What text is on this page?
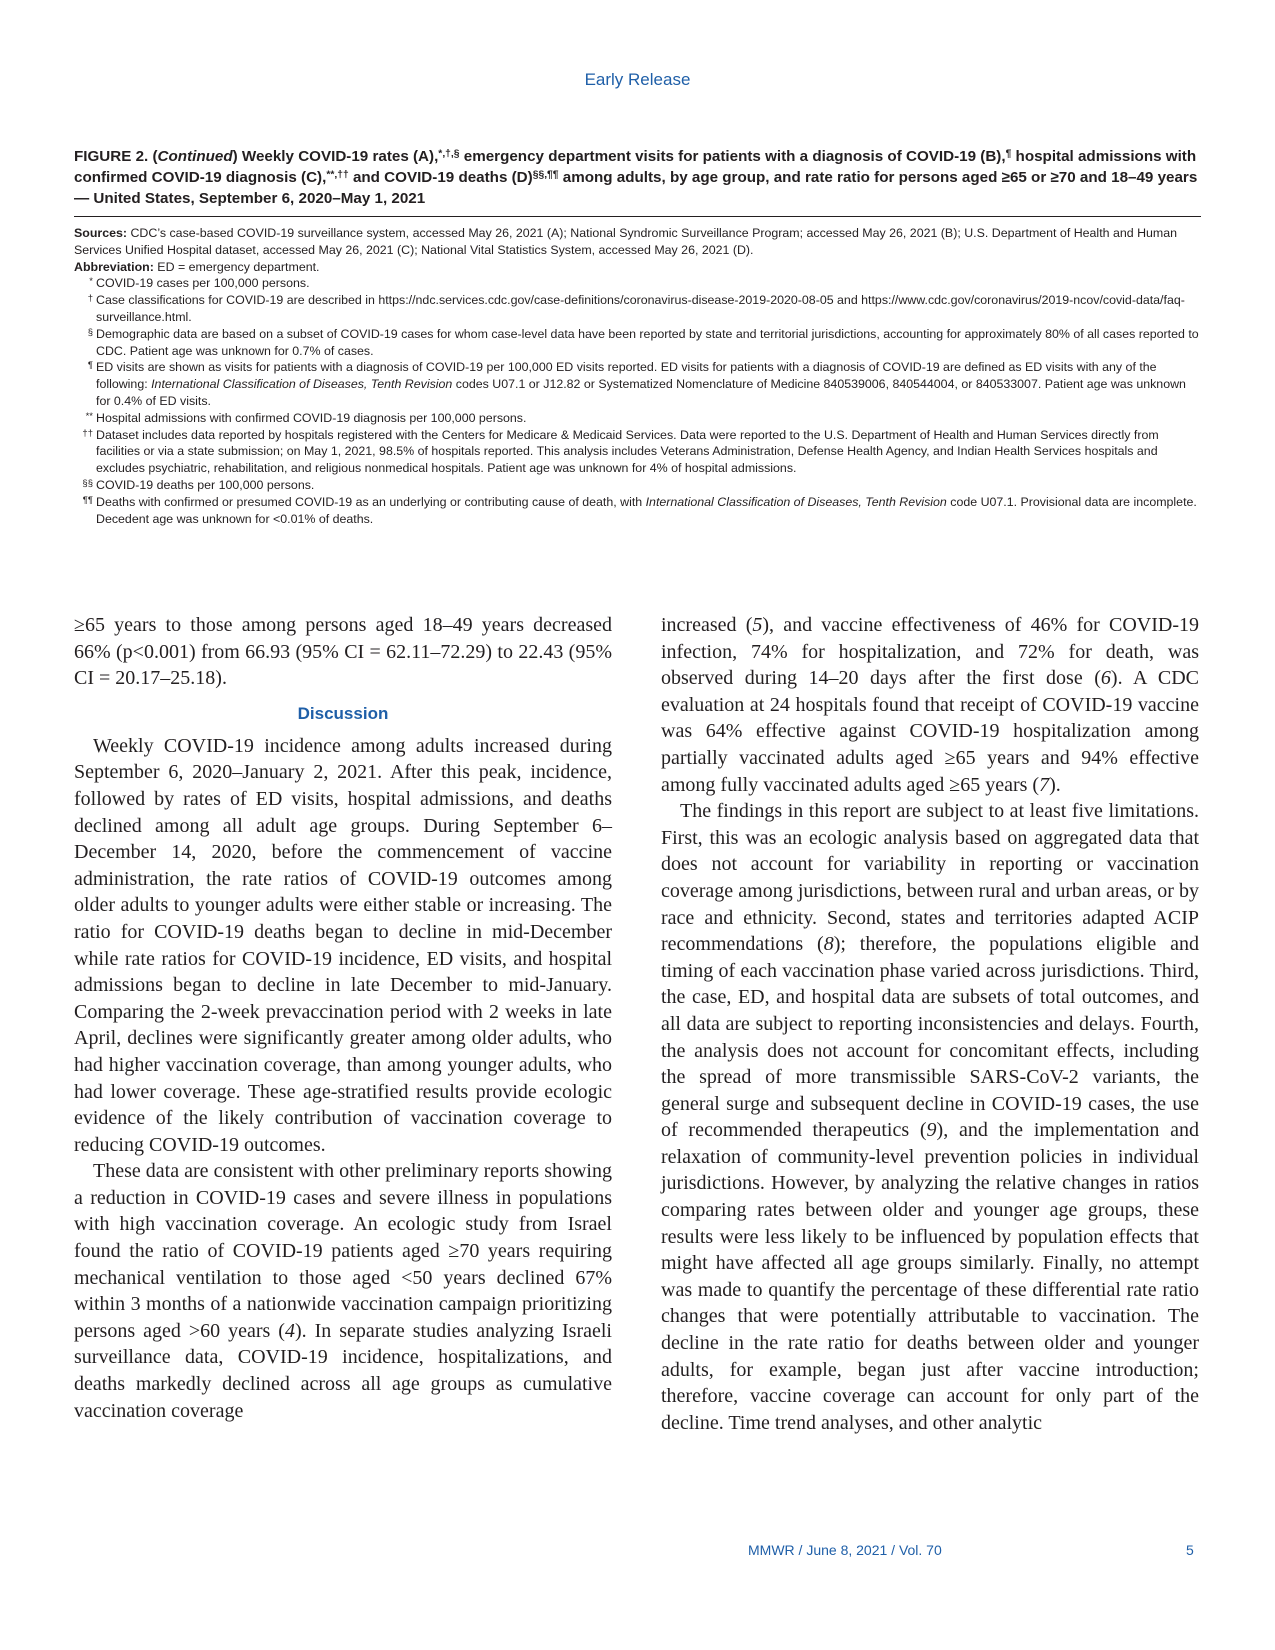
Early Release
FIGURE 2. (Continued) Weekly COVID-19 rates (A),*,†,§ emergency department visits for patients with a diagnosis of COVID-19 (B),¶ hospital admissions with confirmed COVID-19 diagnosis (C),**,†† and COVID-19 deaths (D)§§,¶¶ among adults, by age group, and rate ratio for persons aged ≥65 or ≥70 and 18–49 years — United States, September 6, 2020–May 1, 2021

Sources: CDC’s case-based COVID-19 surveillance system, accessed May 26, 2021 (A); National Syndromic Surveillance Program; accessed May 26, 2021 (B); U.S. Department of Health and Human Services Unified Hospital dataset, accessed May 26, 2021 (C); National Vital Statistics System, accessed May 26, 2021 (D).

Abbreviation: ED = emergency department.

* COVID-19 cases per 100,000 persons.
† Case classifications for COVID-19 are described in https://ndc.services.cdc.gov/case-definitions/coronavirus-disease-2019-2020-08-05 and https://www.cdc.gov/coronavirus/2019-ncov/covid-data/faq-surveillance.html.
§ Demographic data are based on a subset of COVID-19 cases for whom case-level data have been reported by state and territorial jurisdictions, accounting for approximately 80% of all cases reported to CDC. Patient age was unknown for 0.7% of cases.
¶ ED visits are shown as visits for patients with a diagnosis of COVID-19 per 100,000 ED visits reported. ED visits for patients with a diagnosis of COVID-19 are defined as ED visits with any of the following: International Classification of Diseases, Tenth Revision codes U07.1 or J12.82 or Systematized Nomenclature of Medicine 840539006, 840544004, or 840533007. Patient age was unknown for 0.4% of ED visits.
** Hospital admissions with confirmed COVID-19 diagnosis per 100,000 persons.
†† Dataset includes data reported by hospitals registered with the Centers for Medicare & Medicaid Services. Data were reported to the U.S. Department of Health and Human Services directly from facilities or via a state submission; on May 1, 2021, 98.5% of hospitals reported. This analysis includes Veterans Administration, Defense Health Agency, and Indian Health Services hospitals and excludes psychiatric, rehabilitation, and religious nonmedical hospitals. Patient age was unknown for 4% of hospital admissions.
§§ COVID-19 deaths per 100,000 persons.
¶¶ Deaths with confirmed or presumed COVID-19 as an underlying or contributing cause of death, with International Classification of Diseases, Tenth Revision code U07.1. Provisional data are incomplete. Decedent age was unknown for <0.01% of deaths.

≥65 years to those among persons aged 18–49 years decreased 66% (p<0.001) from 66.93 (95% CI = 62.11–72.29) to 22.43 (95% CI = 20.17–25.18).

Discussion

Weekly COVID-19 incidence among adults increased during September 6, 2020–January 2, 2021. After this peak, incidence, followed by rates of ED visits, hospital admissions, and deaths declined among all adult age groups. During September 6–December 14, 2020, before the commencement of vaccine administration, the rate ratios of COVID-19 outcomes among older adults to younger adults were either stable or increasing. The ratio for COVID-19 deaths began to decline in mid-December while rate ratios for COVID-19 incidence, ED visits, and hospital admissions began to decline in late December to mid-January. Comparing the 2-week prevaccination period with 2 weeks in late April, declines were significantly greater among older adults, who had higher vaccination coverage, than among younger adults, who had lower coverage. These age-stratified results provide ecologic evidence of the likely contribution of vaccination coverage to reducing COVID-19 outcomes.

These data are consistent with other preliminary reports showing a reduction in COVID-19 cases and severe illness in populations with high vaccination coverage. An ecologic study from Israel found the ratio of COVID-19 patients aged ≥70 years requiring mechanical ventilation to those aged <50 years declined 67% within 3 months of a nationwide vaccination campaign prioritizing persons aged >60 years (4). In separate studies analyzing Israeli surveillance data, COVID-19 incidence, hospitalizations, and deaths markedly declined across all age groups as cumulative vaccination coverage

increased (5), and vaccine effectiveness of 46% for COVID-19 infection, 74% for hospitalization, and 72% for death, was observed during 14–20 days after the first dose (6). A CDC evaluation at 24 hospitals found that receipt of COVID-19 vaccine was 64% effective against COVID-19 hospitalization among partially vaccinated adults aged ≥65 years and 94% effective among fully vaccinated adults aged ≥65 years (7).

The findings in this report are subject to at least five limitations. First, this was an ecologic analysis based on aggregated data that does not account for variability in reporting or vaccination coverage among jurisdictions, between rural and urban areas, or by race and ethnicity. Second, states and territories adapted ACIP recommendations (8); therefore, the populations eligible and timing of each vaccination phase varied across jurisdictions. Third, the case, ED, and hospital data are subsets of total outcomes, and all data are subject to reporting inconsistencies and delays. Fourth, the analysis does not account for concomitant effects, including the spread of more transmissible SARS-CoV-2 variants, the general surge and subsequent decline in COVID-19 cases, the use of recommended therapeutics (9), and the implementation and relaxation of community-level prevention policies in individual jurisdictions. However, by analyzing the relative changes in ratios comparing rates between older and younger age groups, these results were less likely to be influenced by population effects that might have affected all age groups similarly. Finally, no attempt was made to quantify the percentage of these differential rate ratio changes that were potentially attributable to vaccination. The decline in the rate ratio for deaths between older and younger adults, for example, began just after vaccine introduction; therefore, vaccine coverage can account for only part of the decline. Time trend analyses, and other analytic

MMWR / June 8, 2021 / Vol. 70	5
